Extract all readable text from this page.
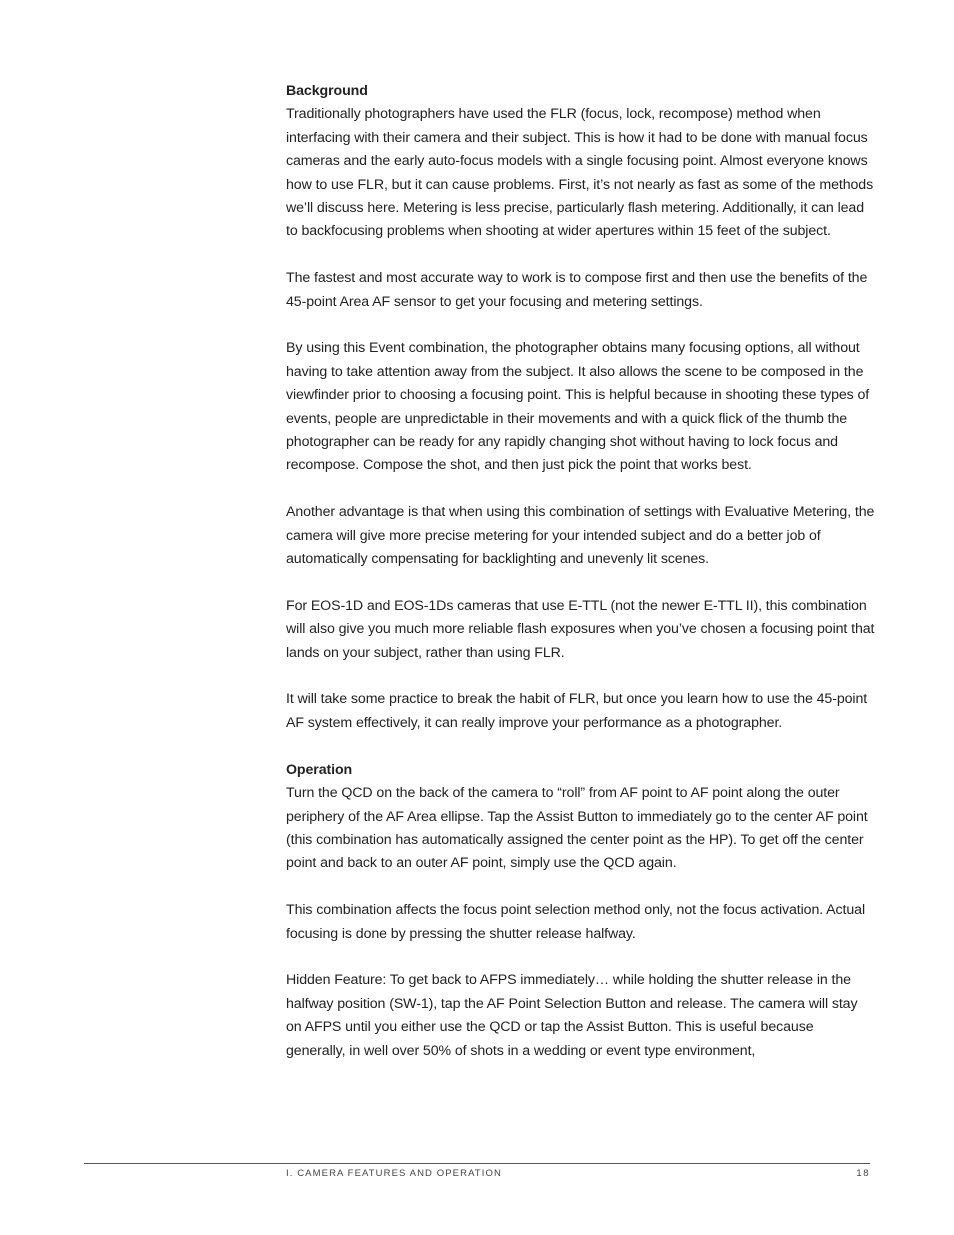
Background

Traditionally photographers have used the FLR (focus, lock, recompose) method when interfacing with their camera and their subject. This is how it had to be done with manual focus cameras and the early auto-focus models with a single focusing point. Almost everyone knows how to use FLR, but it can cause problems. First, it’s not nearly as fast as some of the methods we’ll discuss here. Metering is less precise, particularly flash metering. Additionally, it can lead to backfocusing problems when shooting at wider apertures within 15 feet of the subject.

The fastest and most accurate way to work is to compose first and then use the benefits of the 45-point Area AF sensor to get your focusing and metering settings.

By using this Event combination, the photographer obtains many focusing options, all without having to take attention away from the subject. It also allows the scene to be composed in the viewfinder prior to choosing a focusing point. This is helpful because in shooting these types of events, people are unpredictable in their movements and with a quick flick of the thumb the photographer can be ready for any rapidly changing shot without having to lock focus and recompose. Compose the shot, and then just pick the point that works best.

Another advantage is that when using this combination of settings with Evaluative Metering, the camera will give more precise metering for your intended subject and do a better job of automatically compensating for backlighting and unevenly lit scenes.

For EOS-1D and EOS-1Ds cameras that use E-TTL (not the newer E-TTL II), this combination will also give you much more reliable flash exposures when you’ve chosen a focusing point that lands on your subject, rather than using FLR.

It will take some practice to break the habit of FLR, but once you learn how to use the 45-point AF system effectively, it can really improve your performance as a photographer.

Operation

Turn the QCD on the back of the camera to “roll” from AF point to AF point along the outer periphery of the AF Area ellipse. Tap the Assist Button to immediately go to the center AF point (this combination has automatically assigned the center point as the HP). To get off the center point and back to an outer AF point, simply use the QCD again.

This combination affects the focus point selection method only, not the focus activation. Actual focusing is done by pressing the shutter release halfway.

Hidden Feature: To get back to AFPS immediately… while holding the shutter release in the halfway position (SW-1), tap the AF Point Selection Button and release. The camera will stay on AFPS until you either use the QCD or tap the Assist Button. This is useful because generally, in well over 50% of shots in a wedding or event type environment,

I. CAMERA FEATURES AND OPERATION	18
